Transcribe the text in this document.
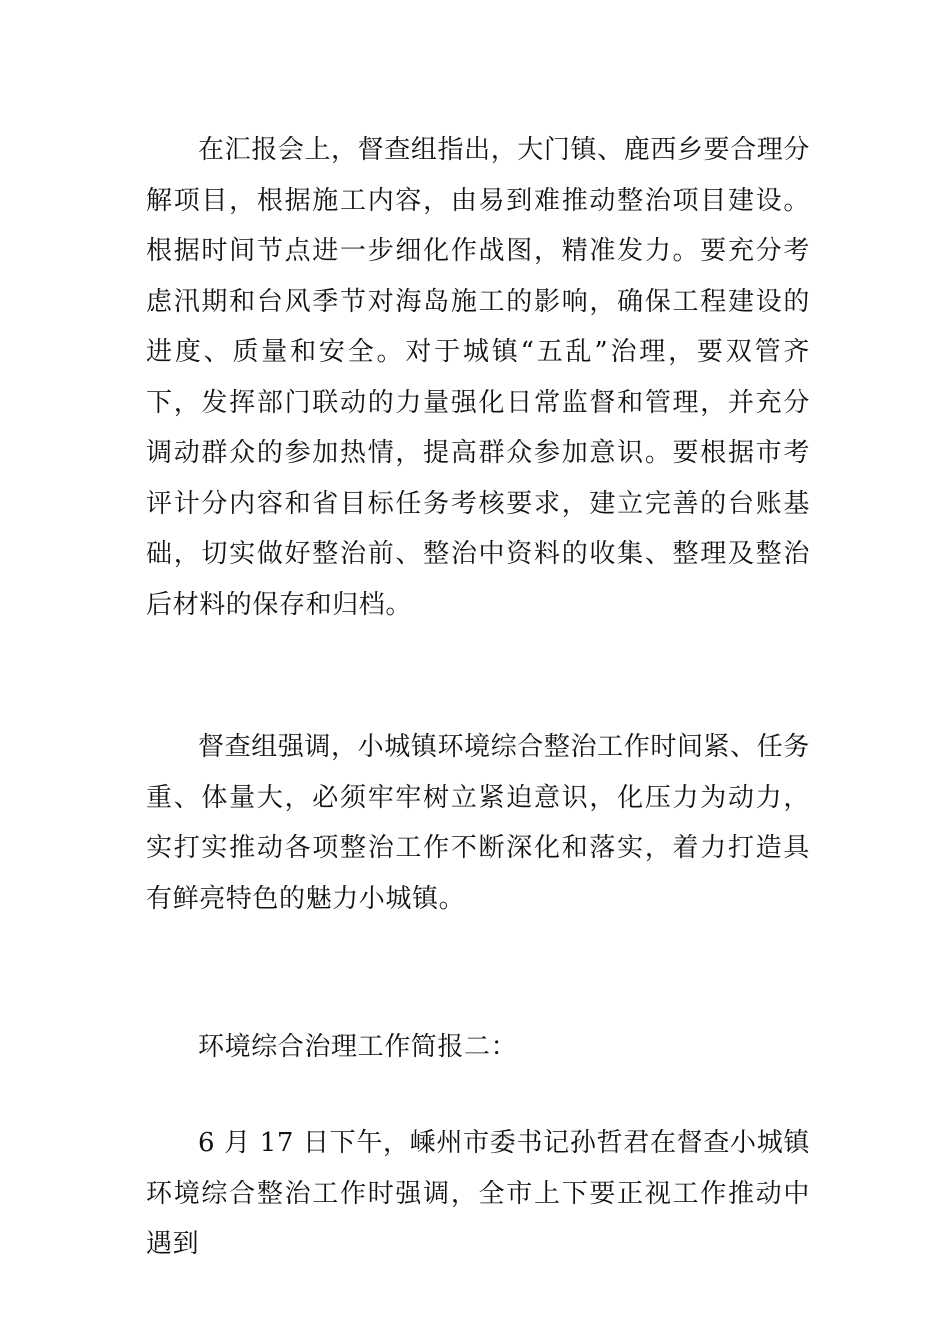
在汇报会上，督查组指出，大门镇、鹿西乡要合理分解项目，根据施工内容，由易到难推动整治项目建设。根据时间节点进一步细化作战图，精准发力。要充分考虑汛期和台风季节对海岛施工的影响，确保工程建设的进度、质量和安全。对于城镇“五乱”治理，要双管齐下，发挥部门联动的力量强化日常监督和管理，并充分调动群众的参加热情，提高群众参加意识。要根据市考评计分内容和省目标任务考核要求，建立完善的台账基础，切实做好整治前、整治中资料的收集、整理及整治后材料的保存和归档。

督查组强调，小城镇环境综合整治工作时间紧、任务重、体量大，必须牢牢树立紧迫意识，化压力为动力，实打实推动各项整治工作不断深化和落实，着力打造具有鲜亮特色的魅力小城镇。

环境综合治理工作简报二：

6 月 17 日下午，嵊州市委书记孙哲君在督查小城镇环境综合整治工作时强调，全市上下要正视工作推动中遇到
